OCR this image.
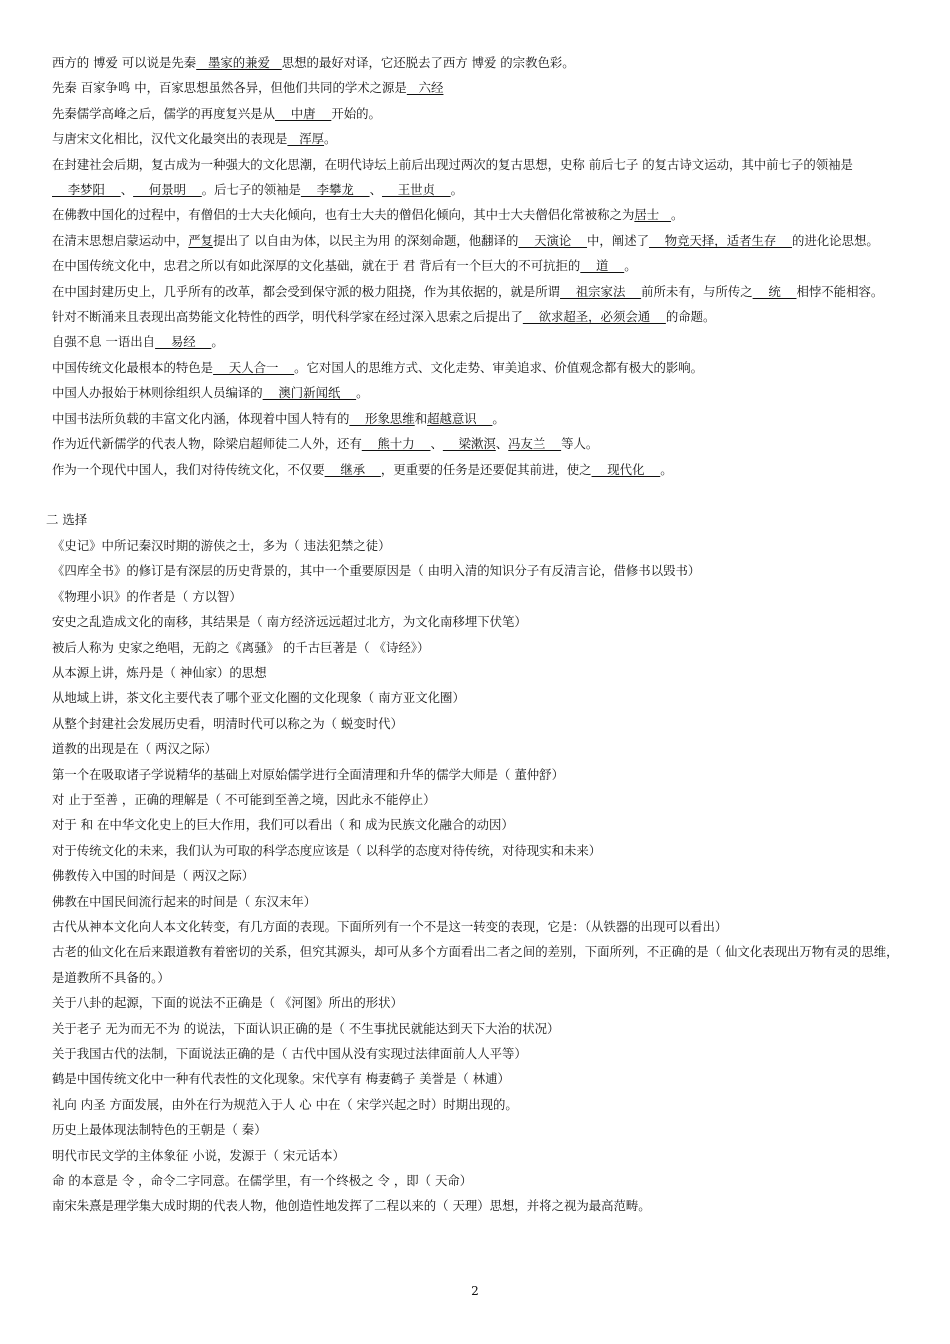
西方的 博爱 可以说是先秦   墨家的兼爱   思想的最好对译，它还脱去了西方 博爱 的宗教色彩。
先秦 百家争鸣 中，百家思想虽然各异，但他们共同的学术之源是   六经
先秦儒学高峰之后，儒学的再度复兴是从    中唐    开始的。
与唐宋文化相比，汉代文化最突出的表现是   浑厚。
在封建社会后期，复古成为一种强大的文化思潮，在明代诗坛上前后出现过两次的复古思想，史称 前后七子 的复古诗文运动，其中前七子的领袖是    李梦阳    、    何景明    。后七子的领袖是    李攀龙    、    王世贞    。
在佛教中国化的过程中，有僧侣的士大夫化倾向，也有士大夫的僧侣化倾向，其中士大夫僧侣化常被称之为居士   。
在清末思想启蒙运动中，严复提出了 以自由为体，以民主为用 的深刻命题，他翻译的    天演论    中，阐述了    物竞天择，适者生存    的进化论思想。
在中国传统文化中，忠君之所以有如此深厚的文化基础，就在于 君 背后有一个巨大的不可抗拒的    道    。
在中国封建历史上，几乎所有的改革，都会受到保守派的极力阻挠，作为其依据的，就是所谓    祖宗家法    前所未有，与所传之    统    相悖不能相容。
针对不断涌来且表现出高势能文化特性的西学，明代科学家在经过深入思索之后提出了    欲求超圣，必须会通    的命题。
自强不息 一语出自    易经    。
中国传统文化最根本的特色是    天人合一    。它对国人的思维方式、文化走势、审美追求、价值观念都有极大的影响。
中国人办报始于林则徐组织人员编译的    澳门新闻纸    。
中国书法所负载的丰富文化内涵，体现着中国人特有的    形象思维和超越意识    。
作为近代新儒学的代表人物，除梁启超师徒二人外，还有    熊十力    、    梁漱溟、冯友兰    等人。
作为一个现代中国人，我们对待传统文化，不仅要    继承    ，更重要的任务是还要促其前进，使之    现代化    。
二 选择
《史记》中所记秦汉时期的游侠之士，多为（ 违法犯禁之徒）
《四库全书》的修订是有深层的历史背景的，其中一个重要原因是（ 由明入清的知识分子有反清言论，借修书以毁书）
《物理小识》的作者是（ 方以智）
安史之乱造成文化的南移，其结果是（ 南方经济远远超过北方，为文化南移埋下伏笔）
被后人称为 史家之绝唱，无韵之《离骚》 的千古巨著是（ 《诗经》）
从本源上讲，炼丹是（ 神仙家）的思想
从地域上讲，茶文化主要代表了哪个亚文化圈的文化现象（ 南方亚文化圈）
从整个封建社会发展历史看，明清时代可以称之为（ 蜕变时代）
道教的出现是在（ 两汉之际）
第一个在吸取诸子学说精华的基础上对原始儒学进行全面清理和升华的儒学大师是（ 董仲舒）
对 止于至善 ，正确的理解是（ 不可能到至善之境，因此永不能停止）
对于 和 在中华文化史上的巨大作用，我们可以看出（ 和 成为民族文化融合的动因）
对于传统文化的未来，我们认为可取的科学态度应该是（ 以科学的态度对待传统，对待现实和未来）
佛教传入中国的时间是（ 两汉之际）
佛教在中国民间流行起来的时间是（ 东汉末年）
古代从神本文化向人本文化转变，有几方面的表现。下面所列有一个不是这一转变的表现，它是：（从铁器的出现可以看出）
古老的仙文化在后来跟道教有着密切的关系，但究其源头，却可从多个方面看出二者之间的差别，下面所列，不正确的是（ 仙文化表现出万物有灵的思维，是道教所不具备的。）
关于八卦的起源，下面的说法不正确是（ 《河图》所出的形状）
关于老子 无为而无不为 的说法，下面认识正确的是（ 不生事扰民就能达到天下大治的状况）
关于我国古代的法制，下面说法正确的是（ 古代中国从没有实现过法律面前人人平等）
鹤是中国传统文化中一种有代表性的文化现象。宋代享有 梅妻鹤子 美誉是（ 林逋）
礼向 内圣 方面发展，由外在行为规范入于人 心 中在（ 宋学兴起之时）时期出现的。
历史上最体现法制特色的王朝是（ 秦）
明代市民文学的主体象征 小说，发源于（ 宋元话本）
命 的本意是 令 ，命令二字同意。在儒学里，有一个终极之 令 ，即（ 天命）
南宋朱熹是理学集大成时期的代表人物，他创造性地发挥了二程以来的（ 天理）思想，并将之视为最高范畴。
2
